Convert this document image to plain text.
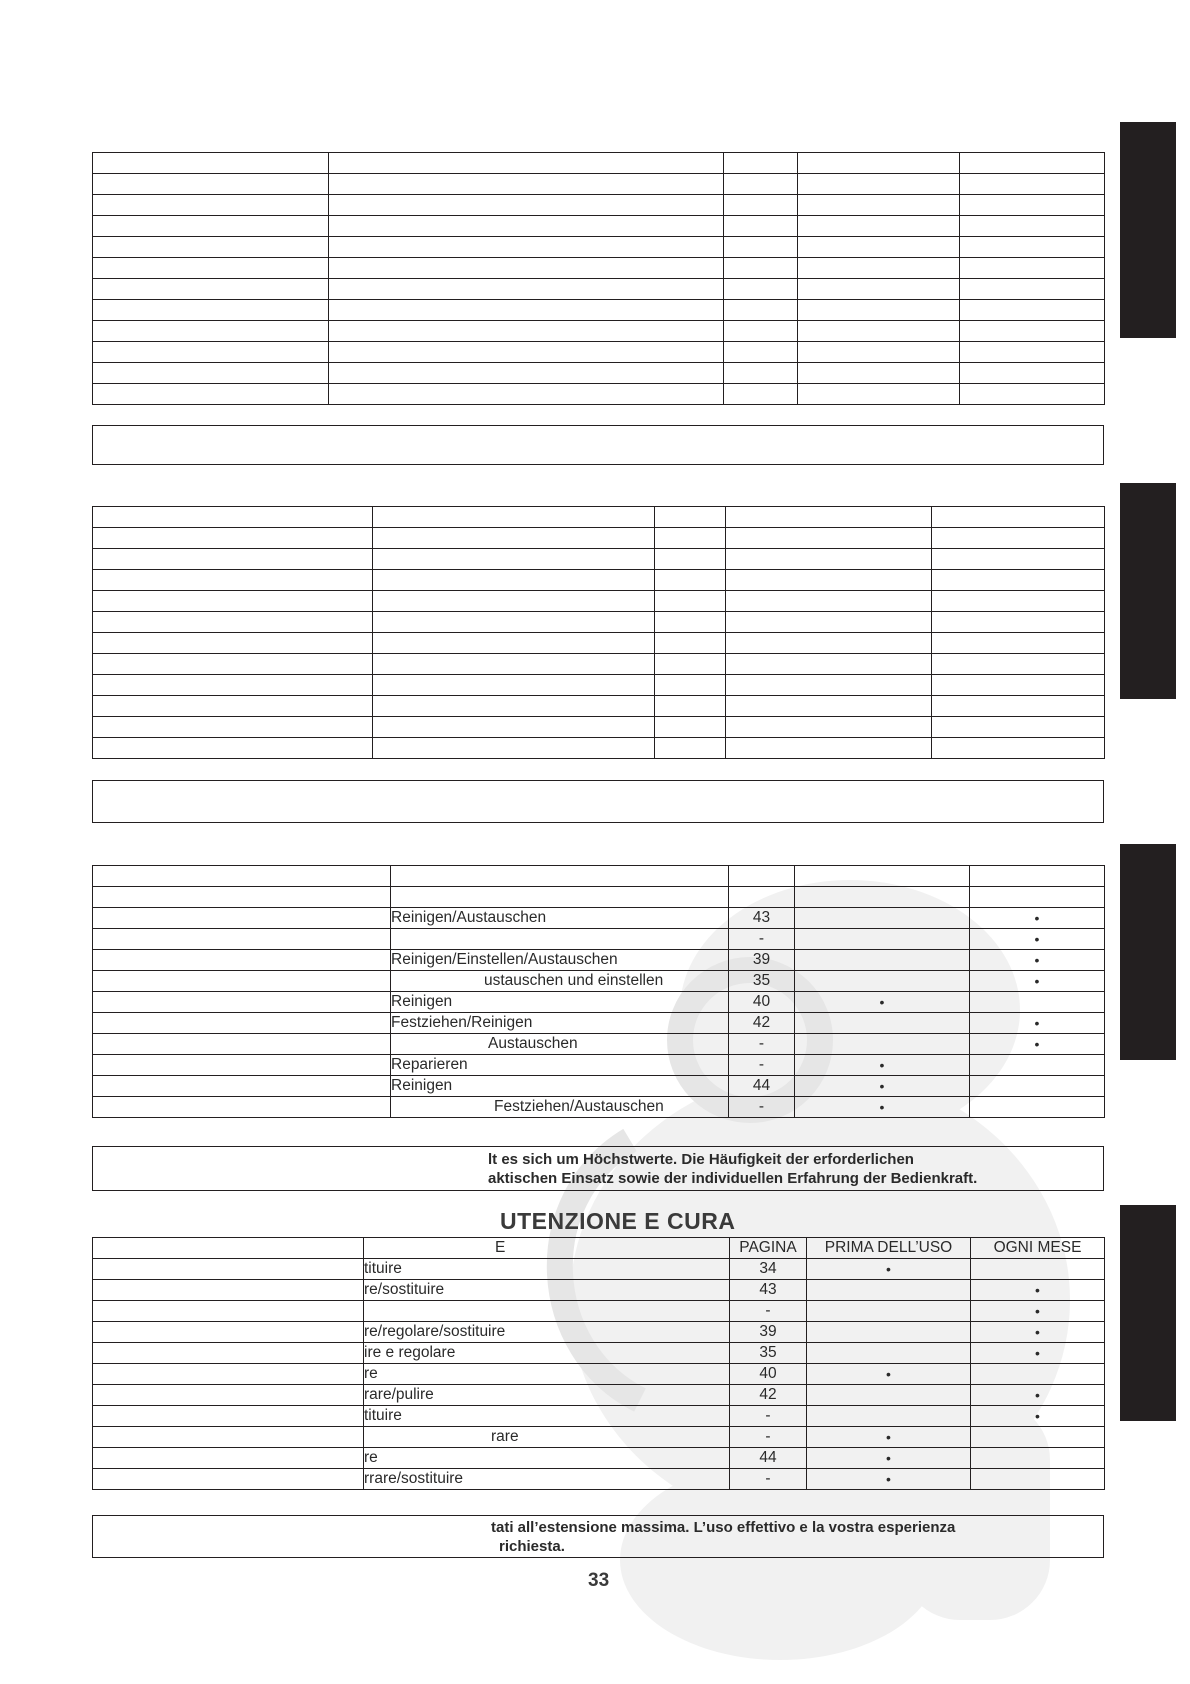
	Reinigen/Austauschen	43		•
		-		•
	Reinigen/Einstellen/Austauschen	39		•
	ustauschen und einstellen	35		•
	Reinigen	40	•	
	Festziehen/Reinigen	42		•
	Austauschen	-		•
	Reparieren	-	•	
	Reinigen	44	•	
	Festziehen/Austauschen	-	•	
lt es sich um Höchstwerte. Die Häufigkeit der erforderlichen
aktischen Einsatz sowie der individuellen Erfahrung der Bedienkraft.
UTENZIONE E CURA
	E	PAGINA	PRIMA DELL’USO	OGNI MESE
	tituire	34	•	
	re/sostituire	43		•
		-		•
	re/regolare/sostituire	39		•
	ire e regolare	35		•
	re	40	•	
	rare/pulire	42		•
	tituire	-		•
	rare	-	•	
	re	44	•	
	rrare/sostituire	-	•	
tati all’estensione massima. L’uso effettivo e la vostra esperienza
richiesta.
33
